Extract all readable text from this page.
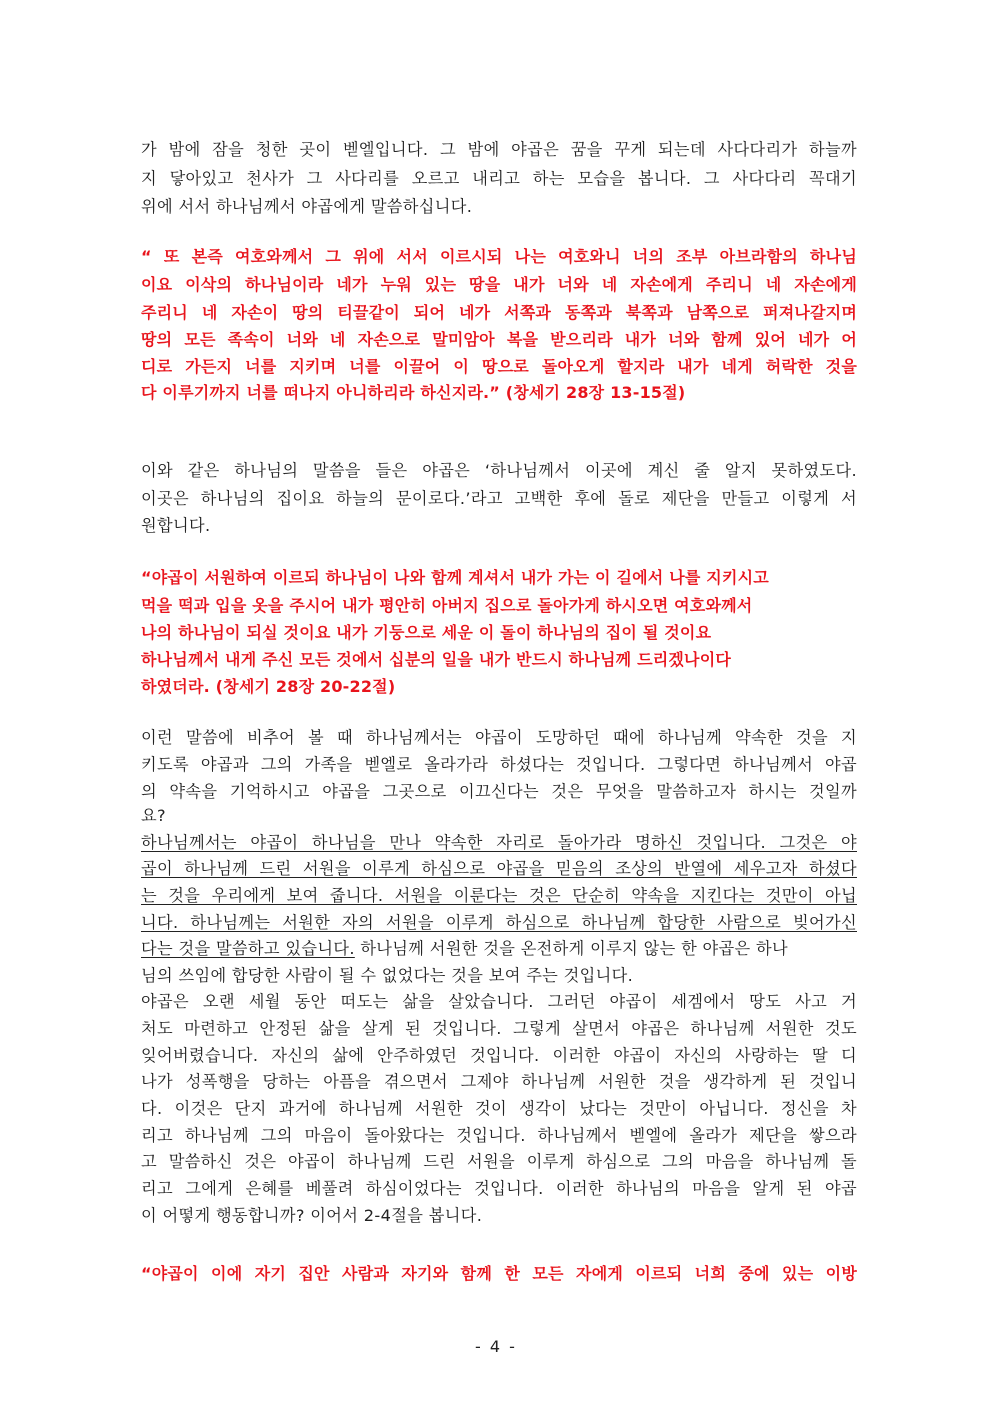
가 밤에 잠을 청한 곳이 벧엘입니다. 그 밤에 야곱은 꿈을 꾸게 되는데 사다다리가 하늘까
지 닿아있고 천사가 그 사다리를 오르고 내리고 하는 모습을 봅니다. 그 사다다리 꼭대기
위에 서서 하나님께서 야곱에게 말씀하십니다.
“ 또 본즉 여호와께서 그 위에 서서 이르시되 나는 여호와니 너의 조부 아브라함의 하나님
이요 이삭의 하나님이라 네가 누워 있는 땅을 내가 너와 네 자손에게 주리니 네 자손에게
주리니 네 자손이 땅의 티끌같이 되어 네가 서쪽과 동쪽과 북쪽과 남쪽으로 퍼져나갈지며
땅의 모든 족속이 너와 네 자손으로 말미암아 복을 받으리라 내가 너와 함께 있어 네가 어
디로 가든지 너를 지키며 너를 이끌어 이 땅으로 돌아오게 할지라 내가 네게 허락한 것을
다 이루기까지 너를 떠나지 아니하리라 하신지라.” (창세기 28장 13-15절)
이와 같은 하나님의 말씀을 들은 야곱은 ‘하나님께서 이곳에 계신 줄 알지 못하였도다.
이곳은 하나님의 집이요 하늘의 문이로다.’라고 고백한 후에 돌로 제단을 만들고 이렇게 서
원합니다.
“야곱이 서원하여 이르되 하나님이 나와 함께 계셔서 내가 가는 이 길에서 나를 지키시고
먹을 떡과 입을 옷을 주시어 내가 평안히 아버지 집으로 돌아가게 하시오면 여호와께서
나의 하나님이 되실 것이요 내가 기둥으로 세운 이 돌이 하나님의 집이 될 것이요
하나님께서 내게 주신 모든 것에서 십분의 일을 내가 반드시 하나님께 드리겠나이다
하였더라. (창세기 28장 20-22절)
이런 말씀에 비추어 볼 때 하나님께서는 야곱이 도망하던 때에 하나님께 약속한 것을 지
키도록 야곱과 그의 가족을 벧엘로 올라가라 하셨다는 것입니다. 그렇다면 하나님께서 야곱
의 약속을 기억하시고 야곱을 그곳으로 이끄신다는 것은 무엇을 말씀하고자 하시는 것일까
요?
하나님께서는 야곱이 하나님을 만나 약속한 자리로 돌아가라 명하신 것입니다. 그것은 야
곱이 하나님께 드린 서원을 이루게 하심으로 야곱을 믿음의 조상의 반열에 세우고자 하셨다
는 것을 우리에게 보여 줍니다. 서원을 이룬다는 것은 단순히 약속을 지킨다는 것만이 아닙
니다. 하나님께는 서원한 자의 서원을 이루게 하심으로 하나님께 합당한 사람으로 빚어가신
다는 것을 말씀하고 있습니다. 하나님께 서원한 것을 온전하게 이루지 않는 한 야곱은 하나
님의 쓰임에 합당한 사람이 될 수 없었다는 것을 보여 주는 것입니다.
야곱은 오랜 세월 동안 떠도는 삶을 살았습니다. 그러던 야곱이 세겜에서 땅도 사고 거
처도 마련하고 안정된 삶을 살게 된 것입니다. 그렇게 살면서 야곱은 하나님께 서원한 것도
잊어버렸습니다. 자신의 삶에 안주하였던 것입니다. 이러한 야곱이 자신의 사랑하는 딸 디
나가 성폭행을 당하는 아픔을 겪으면서 그제야 하나님께 서원한 것을 생각하게 된 것입니
다. 이것은 단지 과거에 하나님께 서원한 것이 생각이 났다는 것만이 아닙니다. 정신을 차
리고 하나님께 그의 마음이 돌아왔다는 것입니다. 하나님께서 벧엘에 올라가 제단을 쌓으라
고 말씀하신 것은 야곱이 하나님께 드린 서원을 이루게 하심으로 그의 마음을 하나님께 돌
리고 그에게 은혜를 베풀려 하심이었다는 것입니다. 이러한 하나님의 마음을 알게 된 야곱
이 어떻게 행동합니까? 이어서 2-4절을 봅니다.
“야곱이 이에 자기 집안 사람과 자기와 함께 한 모든 자에게 이르되 너희 중에 있는 이방
- 4 -
